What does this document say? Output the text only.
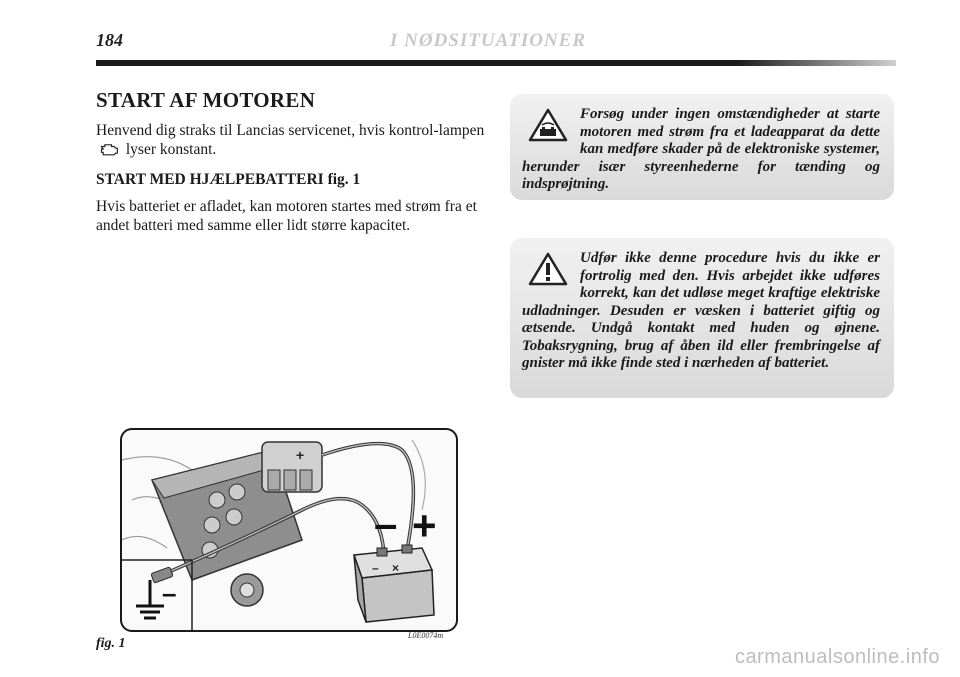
184	I NØDSITUATIONER
START AF MOTOREN

Henvend dig straks til Lancias servicenet, hvis kontrol-lampen  lyser konstant.

START MED HJÆLPEBATTERI fig. 1

Hvis batteriet er afladet, kan motoren startes med strøm fra et andet batteri med samme eller lidt større kapacitet.

Forsøg under ingen omstændigheder at starte motoren med strøm fra et ladeapparat da dette kan medføre skader på de elektroniske systemer, herunder især styreenhederne for tænding og indsprøjtning.
Udfør ikke denne procedure hvis du ikke er fortrolig med den. Hvis arbejdet ikke udføres korrekt, kan det udløse meget kraftige elektriske udladninger. Desuden er væsken i batteriet giftig og ætsende. Undgå kontakt med huden og øjnene. Tobaksrygning, brug af åben ild eller frembringelse af gnister må ikke finde sted i nærheden af batteriet.
+
–
– ×
– +
fig. 1
L0E0074m
carmanualsonline.info
